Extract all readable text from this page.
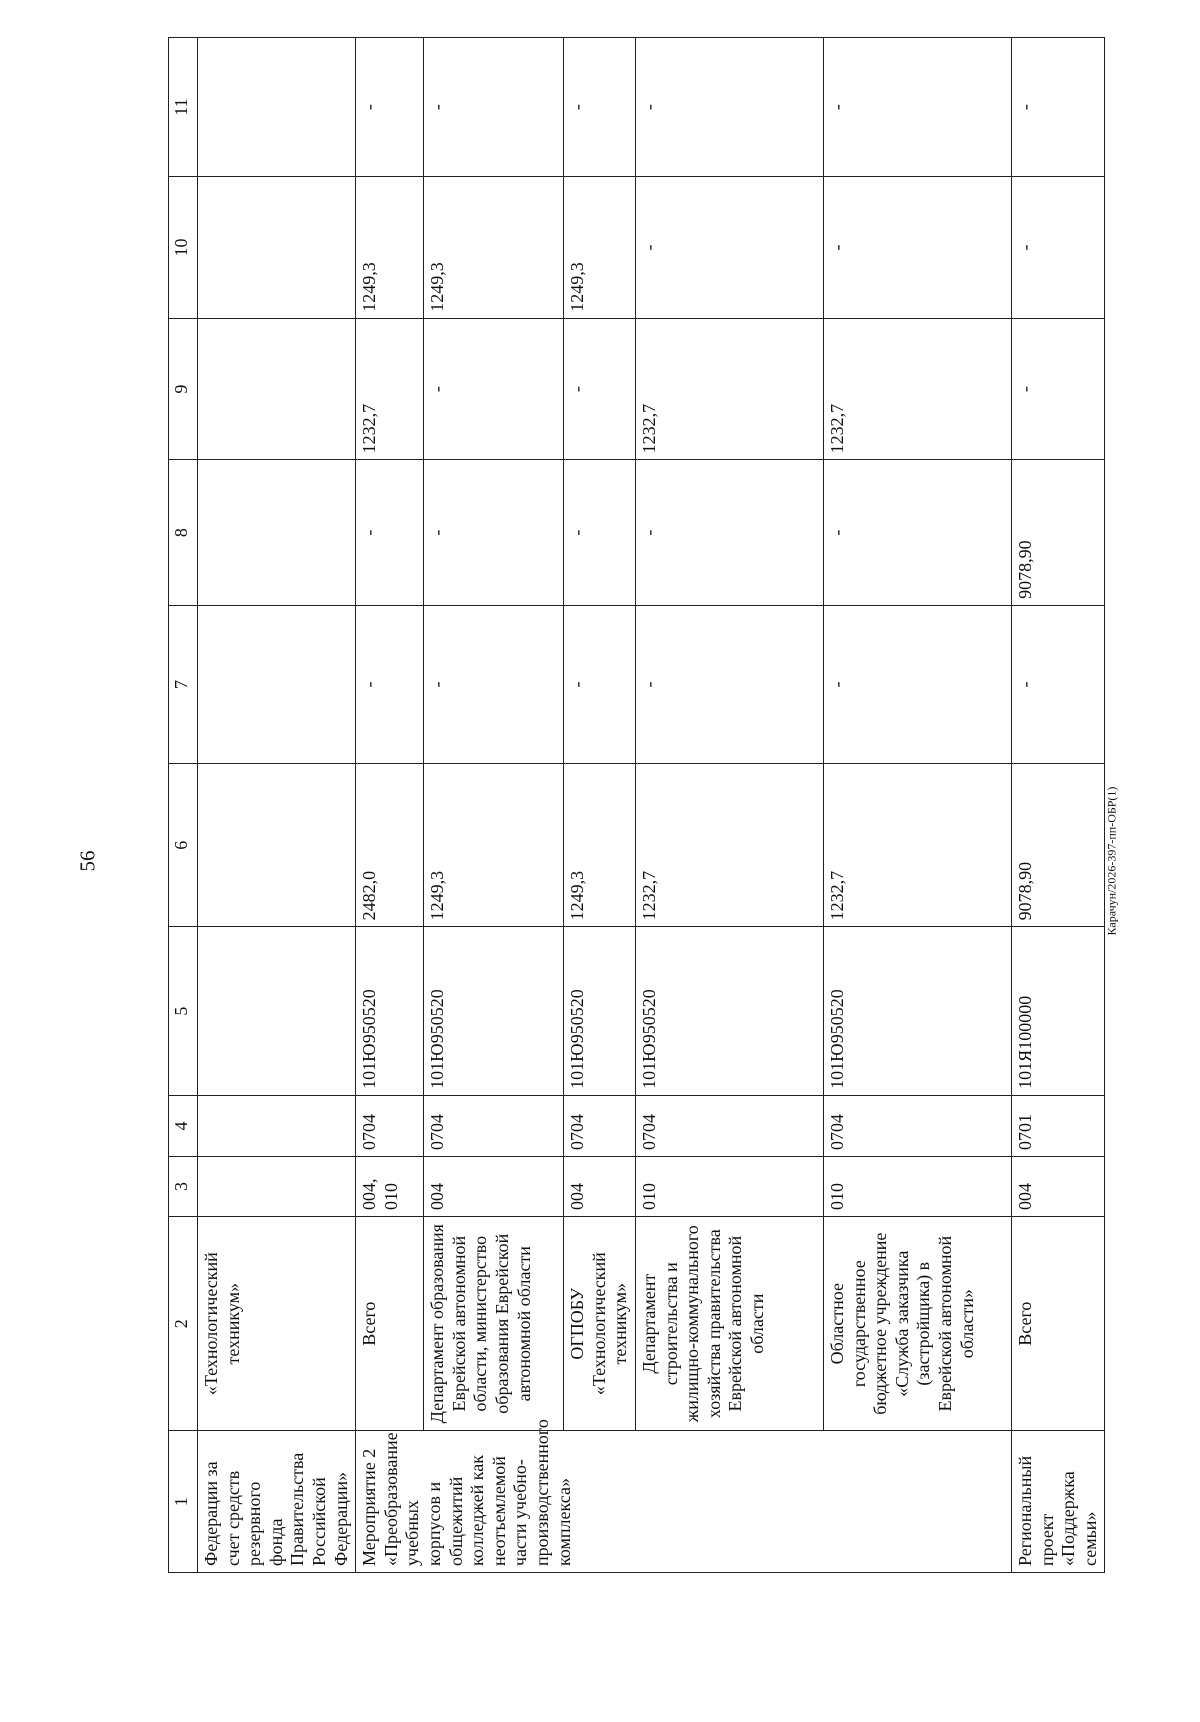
56	Карачун/2026-397-пп-ОБР(1)
1	2	3	4	5	6	7	8	9	10	11
Федерации за счет средств резервного фонда Правительства Российской Федерации»	«Технологический техникум»									
Мероприятие 2 «Преобразование учебных корпусов и общежитий колледжей как неотъемлемой части учебно-производственного комплекса»	Всего	004, 010	0704	101Ю950520	2482,0	-	-	1232,7	1249,3	-
	Департамент образования Еврейской автономной области, министерство образования Еврейской автономной области	004	0704	101Ю950520	1249,3	-	-	-	1249,3	-
	ОГПОБУ «Технологический техникум»	004	0704	101Ю950520	1249,3	-	-	-	1249,3	-
	Департамент строительства и жилищно-коммунального хозяйства правительства Еврейской автономной области	010	0704	101Ю950520	1232,7	-	-	1232,7	-	-
	Областное государственное бюджетное учреждение «Служба заказчика (застройщика) в Еврейской автономной области»	010	0704	101Ю950520	1232,7	-	-	1232,7	-	-
Региональный проект «Поддержка семьи»	Всего	004	0701	101Я100000	9078,90	-	9078,90	-	-	-
